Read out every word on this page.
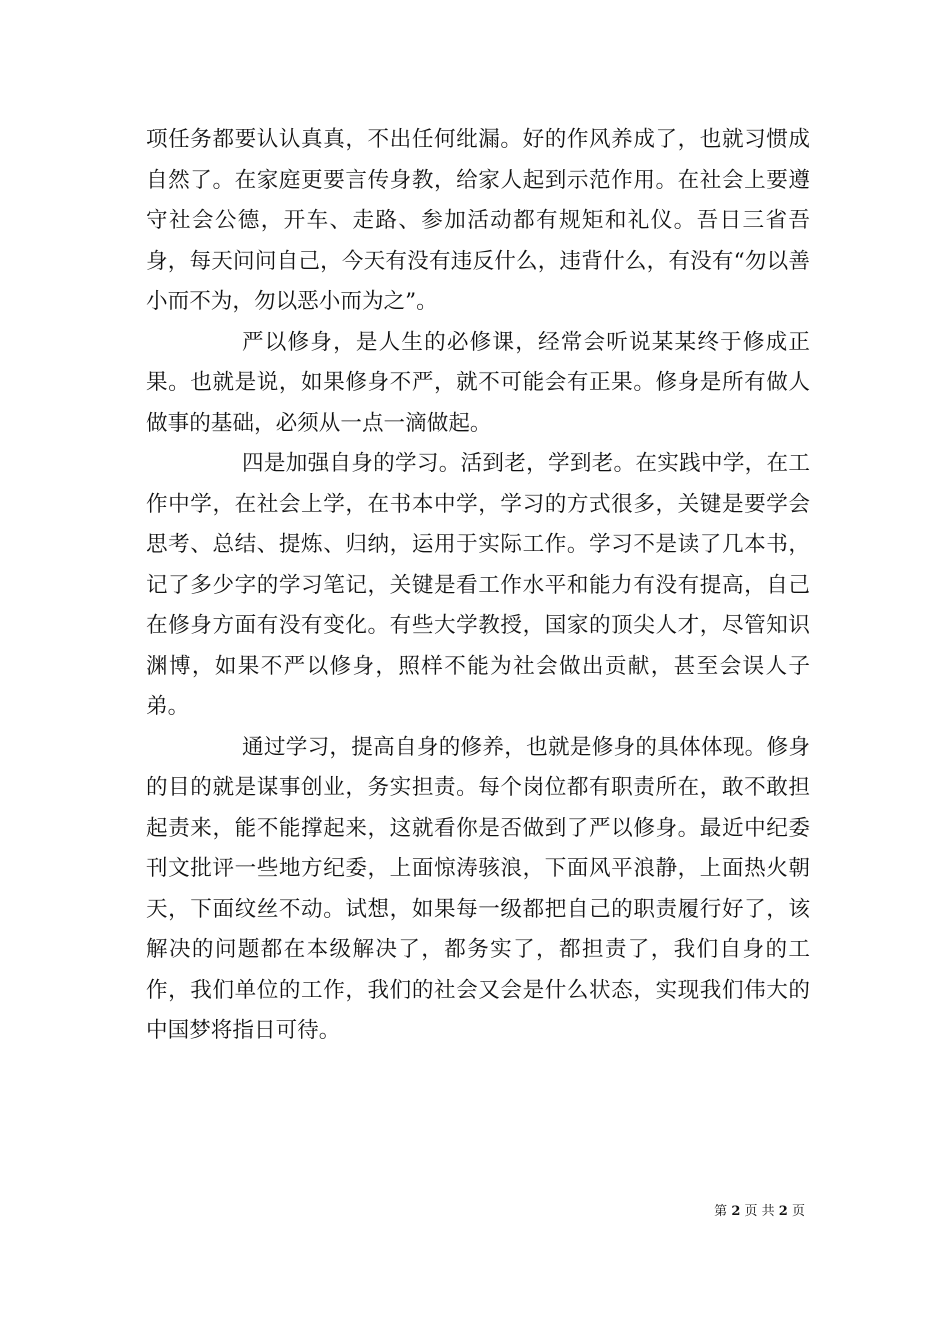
项任务都要认认真真，不出任何纰漏。好的作风养成了，也就习惯成自然了。在家庭更要言传身教，给家人起到示范作用。在社会上要遵守社会公德，开车、走路、参加活动都有规矩和礼仪。吾日三省吾身，每天问问自己，今天有没有违反什么，违背什么，有没有“勿以善小而不为，勿以恶小而为之”。

严以修身，是人生的必修课，经常会听说某某终于修成正果。也就是说，如果修身不严，就不可能会有正果。修身是所有做人做事的基础，必须从一点一滴做起。

四是加强自身的学习。活到老，学到老。在实践中学，在工作中学，在社会上学，在书本中学，学习的方式很多，关键是要学会思考、总结、提炼、归纳，运用于实际工作。学习不是读了几本书，记了多少字的学习笔记，关键是看工作水平和能力有没有提高，自己在修身方面有没有变化。有些大学教授，国家的顶尖人才，尽管知识渊博，如果不严以修身，照样不能为社会做出贡献，甚至会误人子弟。

通过学习，提高自身的修养，也就是修身的具体体现。修身的目的就是谋事创业，务实担责。每个岗位都有职责所在，敢不敢担起责来，能不能撑起来，这就看你是否做到了严以修身。最近中纪委刊文批评一些地方纪委，上面惊涛骇浪，下面风平浪静，上面热火朝天，下面纹丝不动。试想，如果每一级都把自己的职责履行好了，该解决的问题都在本级解决了，都务实了，都担责了，我们自身的工作，我们单位的工作，我们的社会又会是什么状态，实现我们伟大的中国梦将指日可待。

第 2 页 共 2 页
